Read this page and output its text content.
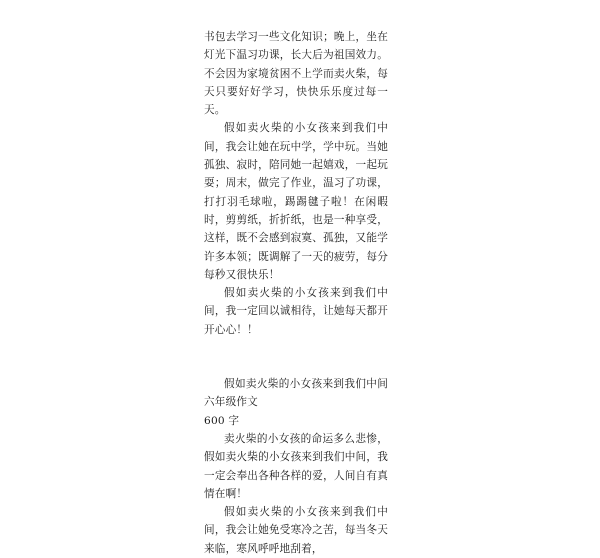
书包去学习一些文化知识；晚上，坐在灯光下温习功课，长大后为祖国效力。不会因为家境贫困不上学而卖火柴，每天只要好好学习，快快乐乐度过每一天。

假如卖火柴的小女孩来到我们中间，我会让她在玩中学，学中玩。当她孤独、寂时，陪同她一起嬉戏，一起玩耍；周末，做完了作业，温习了功课，打打羽毛球啦，踢踢毽子啦！在闲暇时，剪剪纸，折折纸，也是一种享受，这样，既不会感到寂寞、孤独，又能学许多本领；既调解了一天的疲劳，每分每秒又很快乐！

假如卖火柴的小女孩来到我们中间，我一定回以诚相待，让她每天都开开心心！！

假如卖火柴的小女孩来到我们中间六年级作文

600 字

卖火柴的小女孩的命运多么悲惨，假如卖火柴的小女孩来到我们中间，我一定会奉出各种各样的爱，人间自有真情在啊！

假如卖火柴的小女孩来到我们中间，我会让她免受寒冷之苦，每当冬天来临，寒风呼呼地刮着，
